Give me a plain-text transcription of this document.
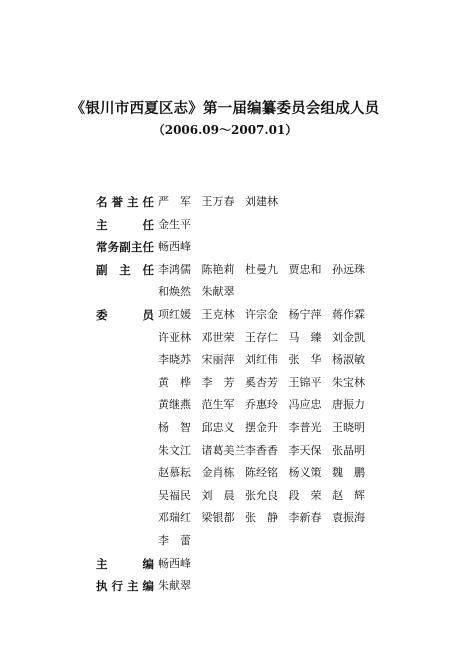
《银川市西夏区志》第一届编纂委员会组成人员
（2006.09～2007.01）
名 誉 主 任 严　军 王万春 刘建林
主	任 金生平
常 务 副 主 任 畅西峰
副 主 任 李鸿儒 陈艳莉 杜曼九 贾忠和 孙远珠
和焕然 朱献翠
委	员 项红媛 王克林 许宗金 杨宁萍 蒋作霖
许亚林 邓世荣 王存仁 马　臻 刘金凯
李晓苏 宋丽萍 刘红伟 张　华 杨淑敏
黄　桦 李　芳 奚杏芳 王锦平 朱宝林
黄继燕 范生军 乔惠玲 冯应忠 唐振力
杨　智 邱忠义 摆金升 李普光 王晓明
朱文江 诸葛美兰 李香香 李天保 张晶明
赵慕耘 金肖栋 陈经铭 杨义策 魏　鹏
吴福民 刘　晨 张允良 段　荣 赵　辉
邓瑞红 梁银都 张　静 李新春 袁振海
李　蕾
主	编 畅西峰
执 行 主 编 朱献翠
